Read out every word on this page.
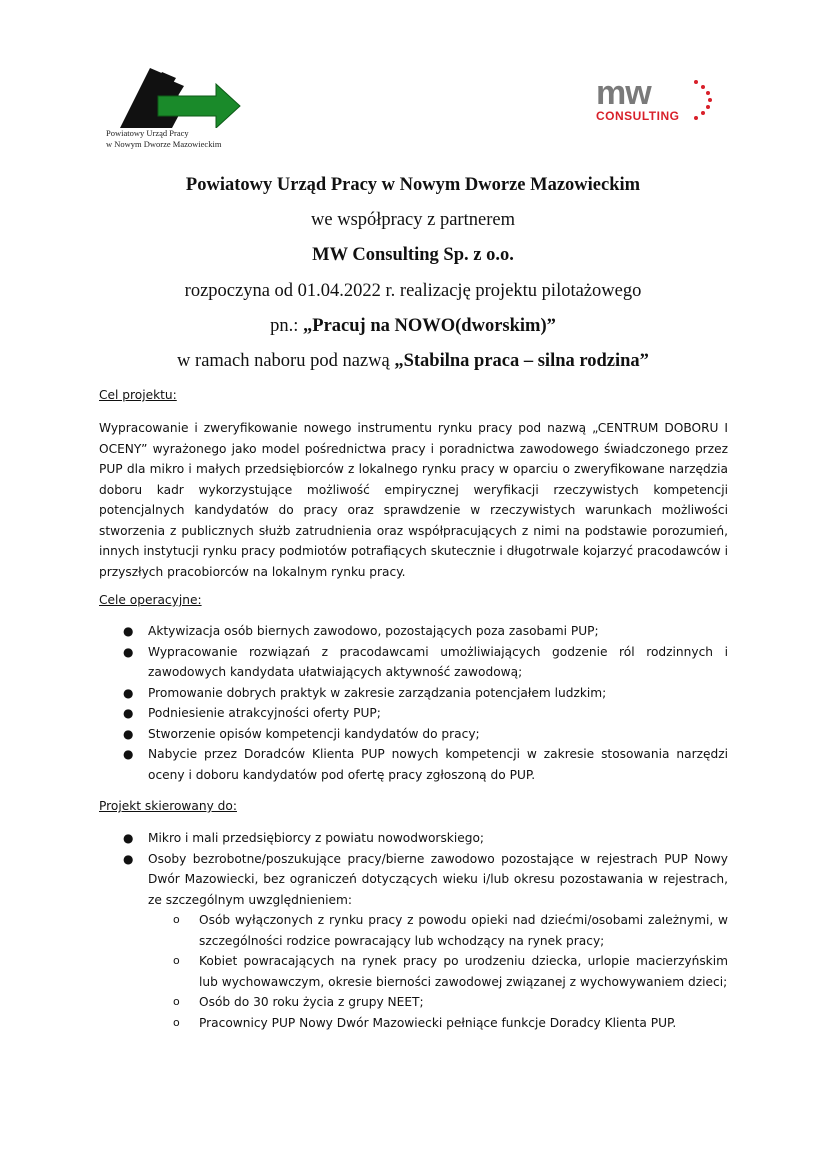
Powiatowy Urząd Pracy
w Nowym Dworze Mazowieckim
mw
CONSULTING
Powiatowy Urząd Pracy w Nowym Dworze Mazowieckim
we współpracy z partnerem
MW Consulting Sp. z o.o.
rozpoczyna od 01.04.2022 r. realizację projektu pilotażowego
pn.: „Pracuj na NOWO(dworskim)”
w ramach naboru pod nazwą „Stabilna praca – silna rodzina”
Cel projektu:
Wypracowanie i zweryfikowanie nowego instrumentu rynku pracy pod nazwą „CENTRUM DOBORU I OCENY” wyrażonego jako model pośrednictwa pracy i poradnictwa zawodowego świadczonego przez PUP dla mikro i małych przedsiębiorców z lokalnego rynku pracy w oparciu o zweryfikowane narzędzia doboru kadr wykorzystujące możliwość empirycznej weryfikacji rzeczywistych kompetencji potencjalnych kandydatów do pracy oraz sprawdzenie w rzeczywistych warunkach możliwości stworzenia z publicznych służb zatrudnienia oraz współpracujących z nimi na podstawie porozumień, innych instytucji rynku pracy podmiotów potrafiących skutecznie i długotrwale kojarzyć pracodawców i przyszłych pracobiorców na lokalnym rynku pracy.
Cele operacyjne:
● Aktywizacja osób biernych zawodowo, pozostających poza zasobami PUP;
● Wypracowanie rozwiązań z pracodawcami umożliwiających godzenie ról rodzinnych i zawodowych kandydata ułatwiających aktywność zawodową;
● Promowanie dobrych praktyk w zakresie zarządzania potencjałem ludzkim;
● Podniesienie atrakcyjności oferty PUP;
● Stworzenie opisów kompetencji kandydatów do pracy;
● Nabycie przez Doradców Klienta PUP nowych kompetencji w zakresie stosowania narzędzi oceny i doboru kandydatów pod ofertę pracy zgłoszoną do PUP.
Projekt skierowany do:
● Mikro i mali przedsiębiorcy z powiatu nowodworskiego;
● Osoby bezrobotne/poszukujące pracy/bierne zawodowo pozostające w rejestrach PUP Nowy Dwór Mazowiecki, bez ograniczeń dotyczących wieku i/lub okresu pozostawania w rejestrach, ze szczególnym uwzględnieniem:
o Osób wyłączonych z rynku pracy z powodu opieki nad dziećmi/osobami zależnymi, w szczególności rodzice powracający lub wchodzący na rynek pracy;
o Kobiet powracających na rynek pracy po urodzeniu dziecka, urlopie macierzyńskim lub wychowawczym, okresie bierności zawodowej związanej z wychowywaniem dzieci;
o Osób do 30 roku życia z grupy NEET;
o Pracownicy PUP Nowy Dwór Mazowiecki pełniące funkcje Doradcy Klienta PUP.
